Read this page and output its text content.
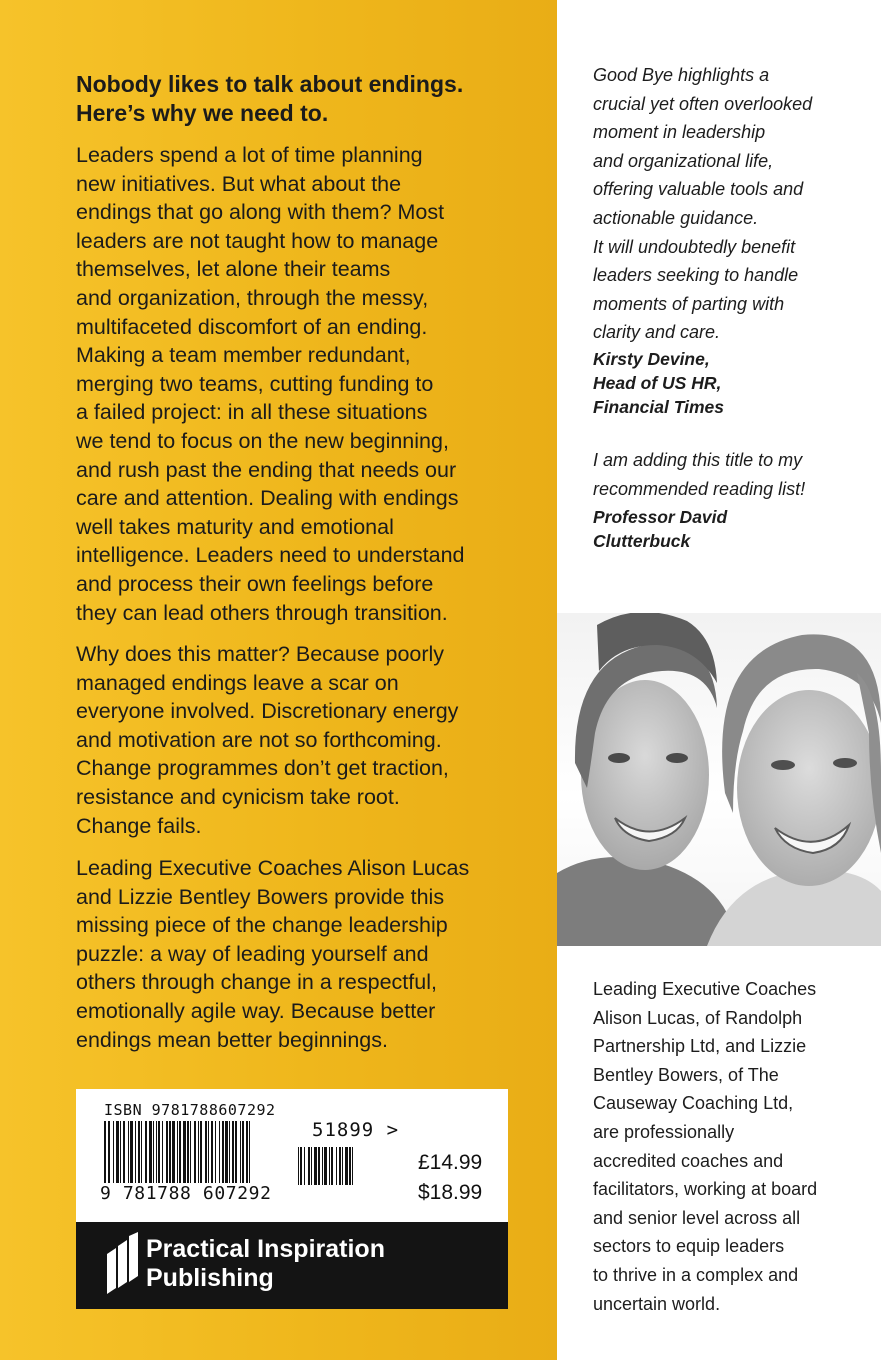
Nobody likes to talk about endings.
Here’s why we need to.

Leaders spend a lot of time planning
new initiatives. But what about the
endings that go along with them? Most
leaders are not taught how to manage
themselves, let alone their teams
and organization, through the messy,
multifaceted discomfort of an ending.
Making a team member redundant,
merging two teams, cutting funding to
a failed project: in all these situations
we tend to focus on the new beginning,
and rush past the ending that needs our
care and attention. Dealing with endings
well takes maturity and emotional
intelligence. Leaders need to understand
and process their own feelings before
they can lead others through transition.

Why does this matter? Because poorly
managed endings leave a scar on
everyone involved. Discretionary energy
and motivation are not so forthcoming.
Change programmes don’t get traction,
resistance and cynicism take root.
Change fails.

Leading Executive Coaches Alison Lucas
and Lizzie Bentley Bowers provide this
missing piece of the change leadership
puzzle: a way of leading yourself and
others through change in a respectful,
emotionally agile way. Because better
endings mean better beginnings.

ISBN 9781788607292
9 781788 607292
51899 >
£14.99
$18.99
Practical Inspiration
Publishing

Good Bye highlights a
crucial yet often overlooked
moment in leadership
and organizational life,
offering valuable tools and
actionable guidance.
It will undoubtedly benefit
leaders seeking to handle
moments of parting with
clarity and care.

Kirsty Devine,
Head of US HR,
Financial Times

I am adding this title to my
recommended reading list!

Professor David
Clutterbuck

Leading Executive Coaches
Alison Lucas, of Randolph
Partnership Ltd, and Lizzie
Bentley Bowers, of The
Causeway Coaching Ltd,
are professionally
accredited coaches and
facilitators, working at board
and senior level across all
sectors to equip leaders
to thrive in a complex and
uncertain world.
